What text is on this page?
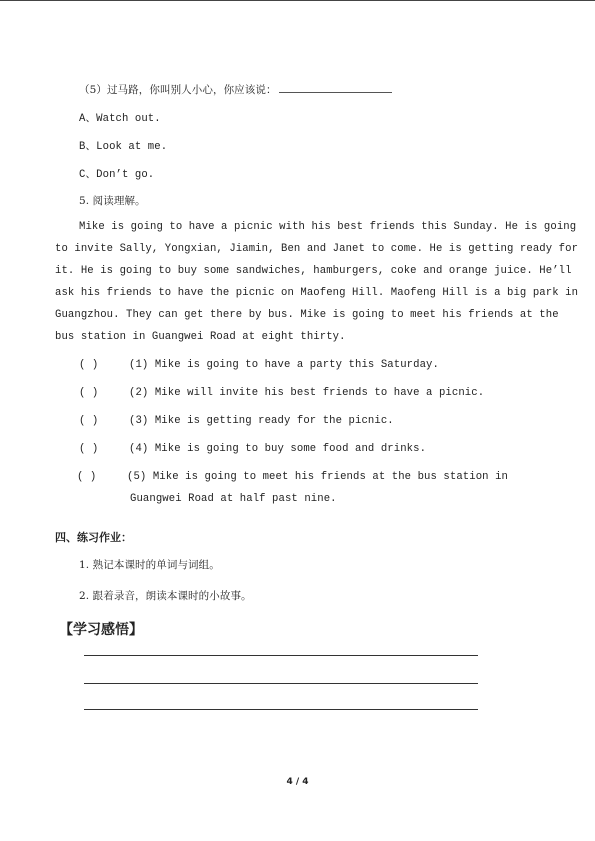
（5）过马路，你叫别人小心，你应该说：
A、Watch out.
B、Look at me.
C、Don’t go.
5. 阅读理解。
Mike is going to have a picnic with his best friends this Sunday. He is going
to invite Sally, Yongxian, Jiamin, Ben and Janet to come. He is getting ready for
it. He is going to buy some sandwiches, hamburgers, coke and orange juice. He’ll
ask his friends to have the picnic on Maofeng Hill. Maofeng Hill is a big park in
Guangzhou. They can get there by bus. Mike is going to meet his friends at the
bus station in Guangwei Road at eight thirty.
( )	(1) Mike is going to have a party this Saturday.
( )	(2) Mike will invite his best friends to have a picnic.
( )	(3) Mike is getting ready for the picnic.
( )	(4) Mike is going to buy some food and drinks.
( )	(5) Mike is going to meet his friends at the bus station in
Guangwei Road at half past nine.
四、练习作业：
1. 熟记本课时的单词与词组。
2. 跟着录音，朗读本课时的小故事。
【学习感悟】
4 / 4
